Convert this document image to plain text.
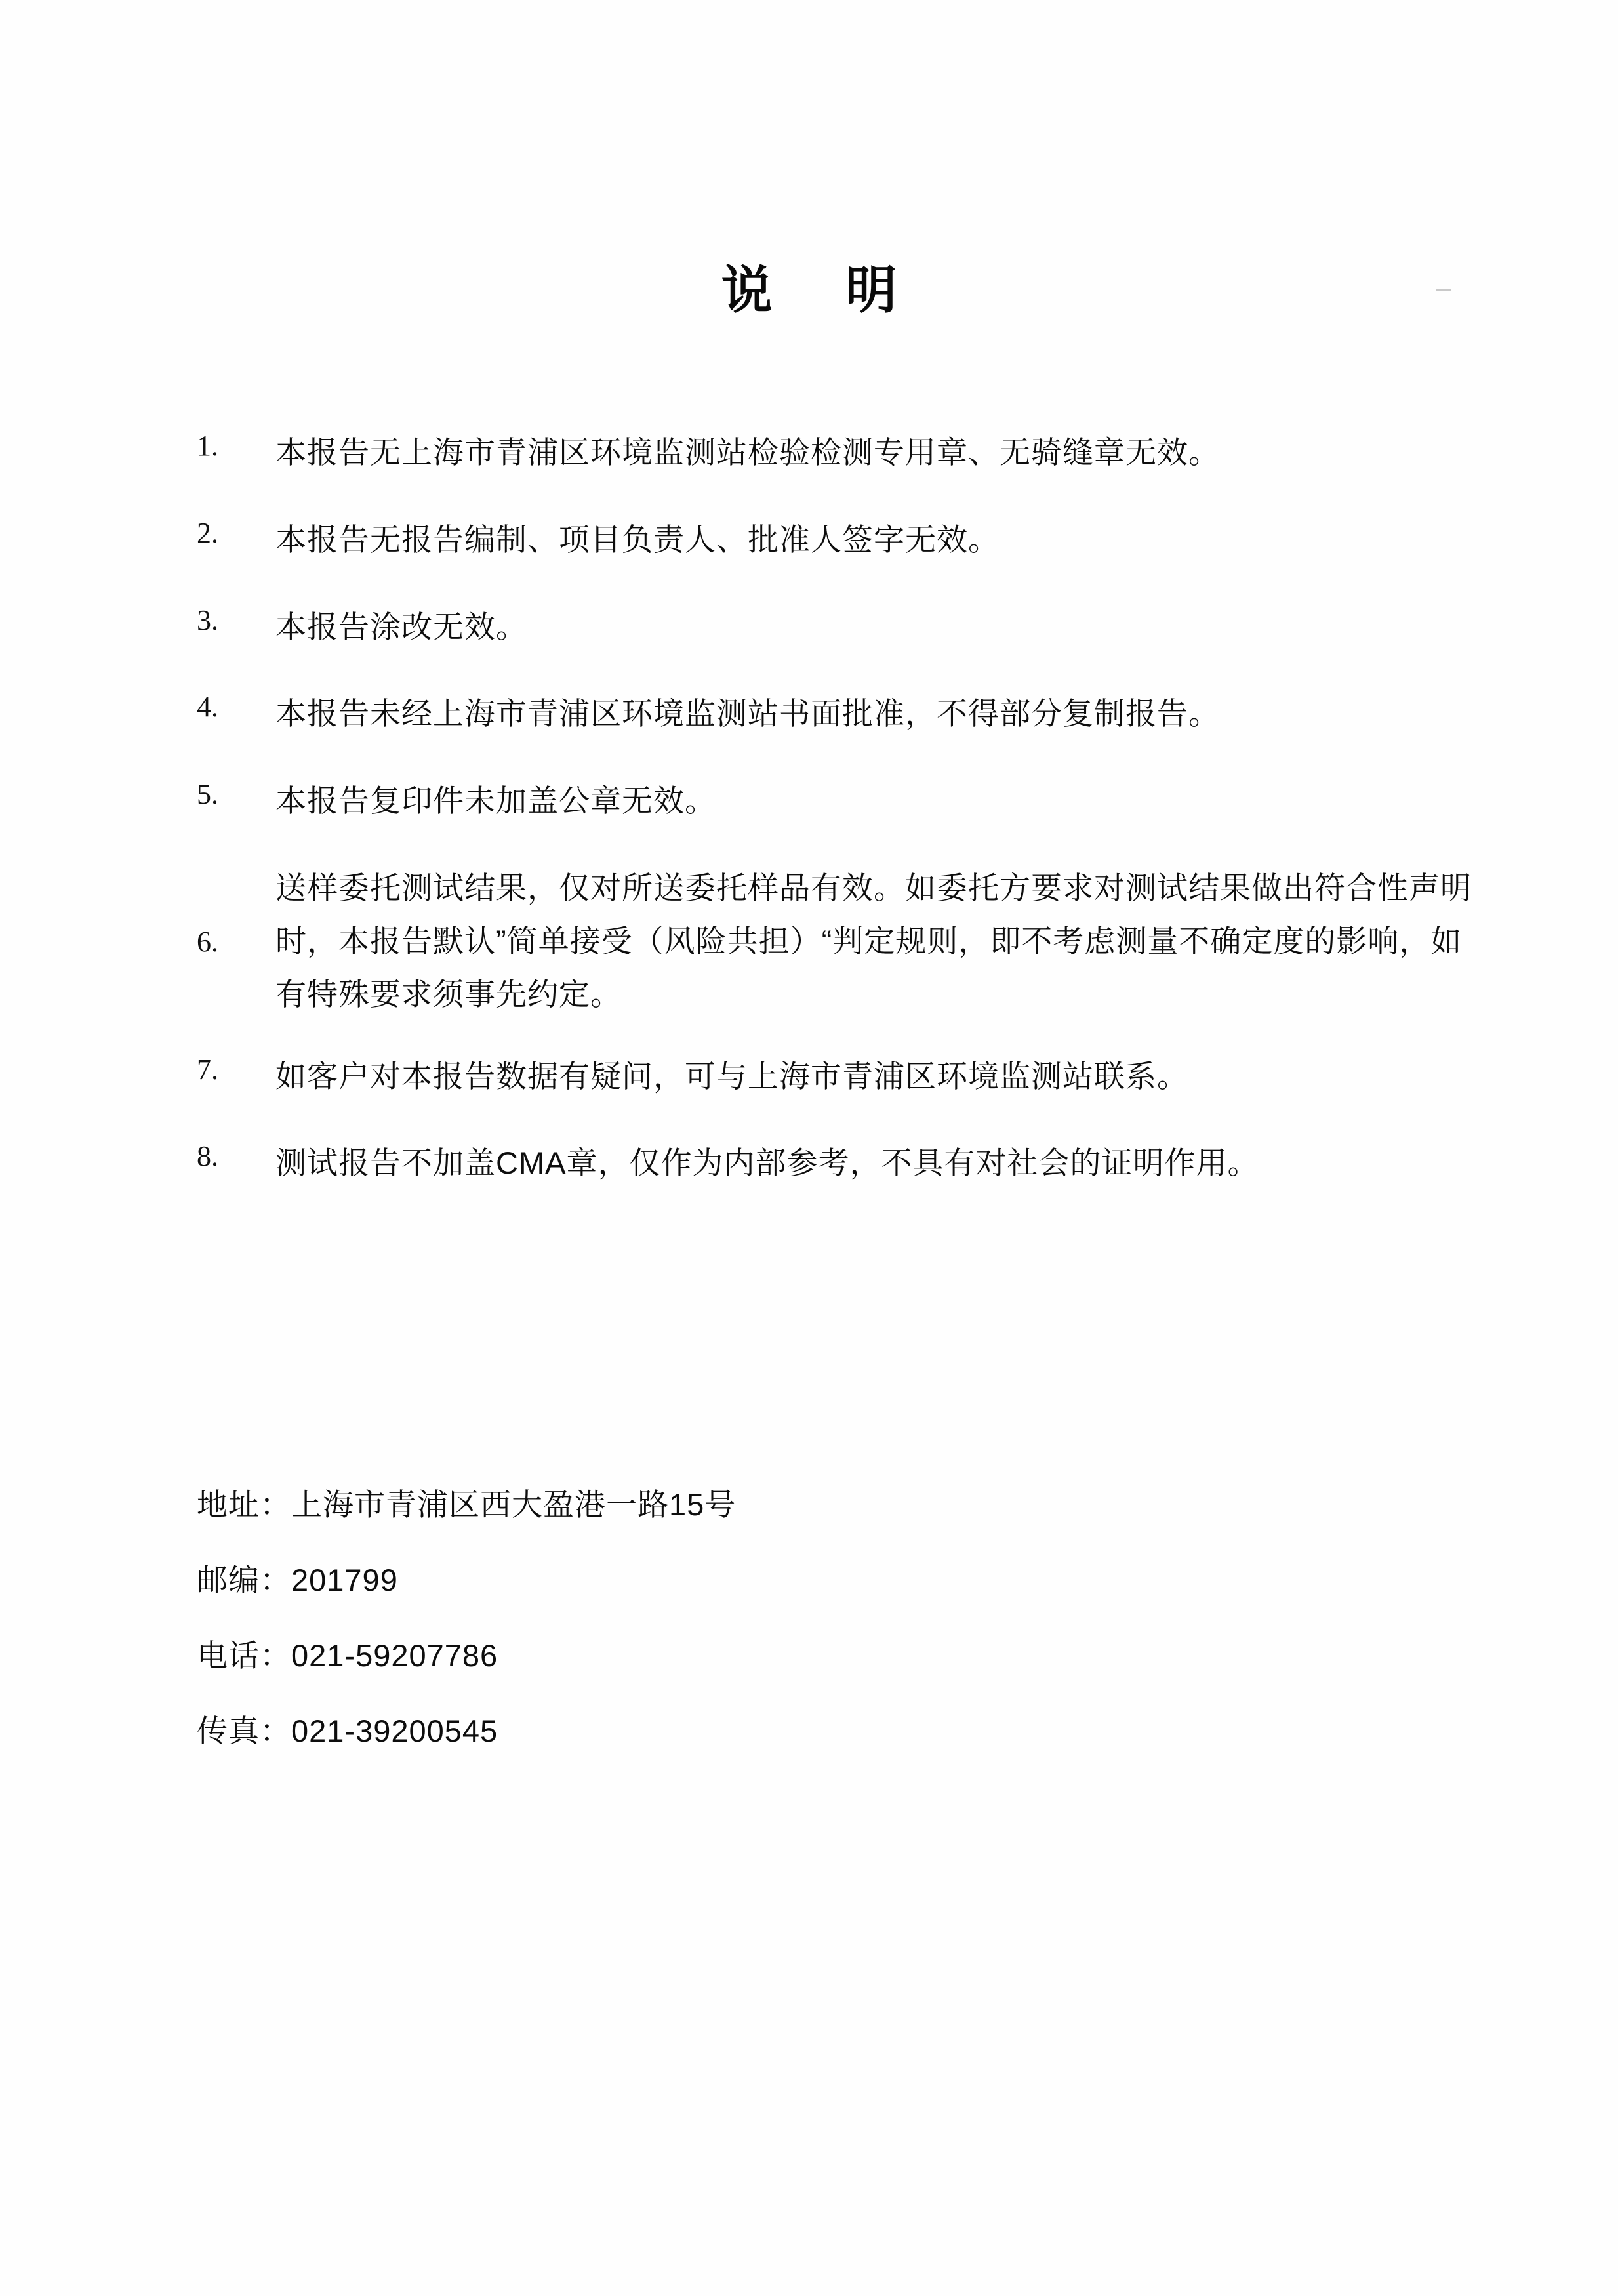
说 明
1.	本报告无上海市青浦区环境监测站检验检测专用章、无骑缝章无效。
2.	本报告无报告编制、项目负责人、批准人签字无效。
3.	本报告涂改无效。
4.	本报告未经上海市青浦区环境监测站书面批准，不得部分复制报告。
5.	本报告复印件未加盖公章无效。
6.
送样委托测试结果，仅对所送委托样品有效。如委托方要求对测试结果做出符合性声明时，本报告默认”简单接受（风险共担）“判定规则，即不考虑测量不确定度的影响，如有特殊要求须事先约定。
7.	如客户对本报告数据有疑问，可与上海市青浦区环境监测站联系。
8.	测试报告不加盖CMA章，仅作为内部参考，不具有对社会的证明作用。
地址：上海市青浦区西大盈港一路15号
邮编：201799
电话：021-59207786
传真：021-39200545
